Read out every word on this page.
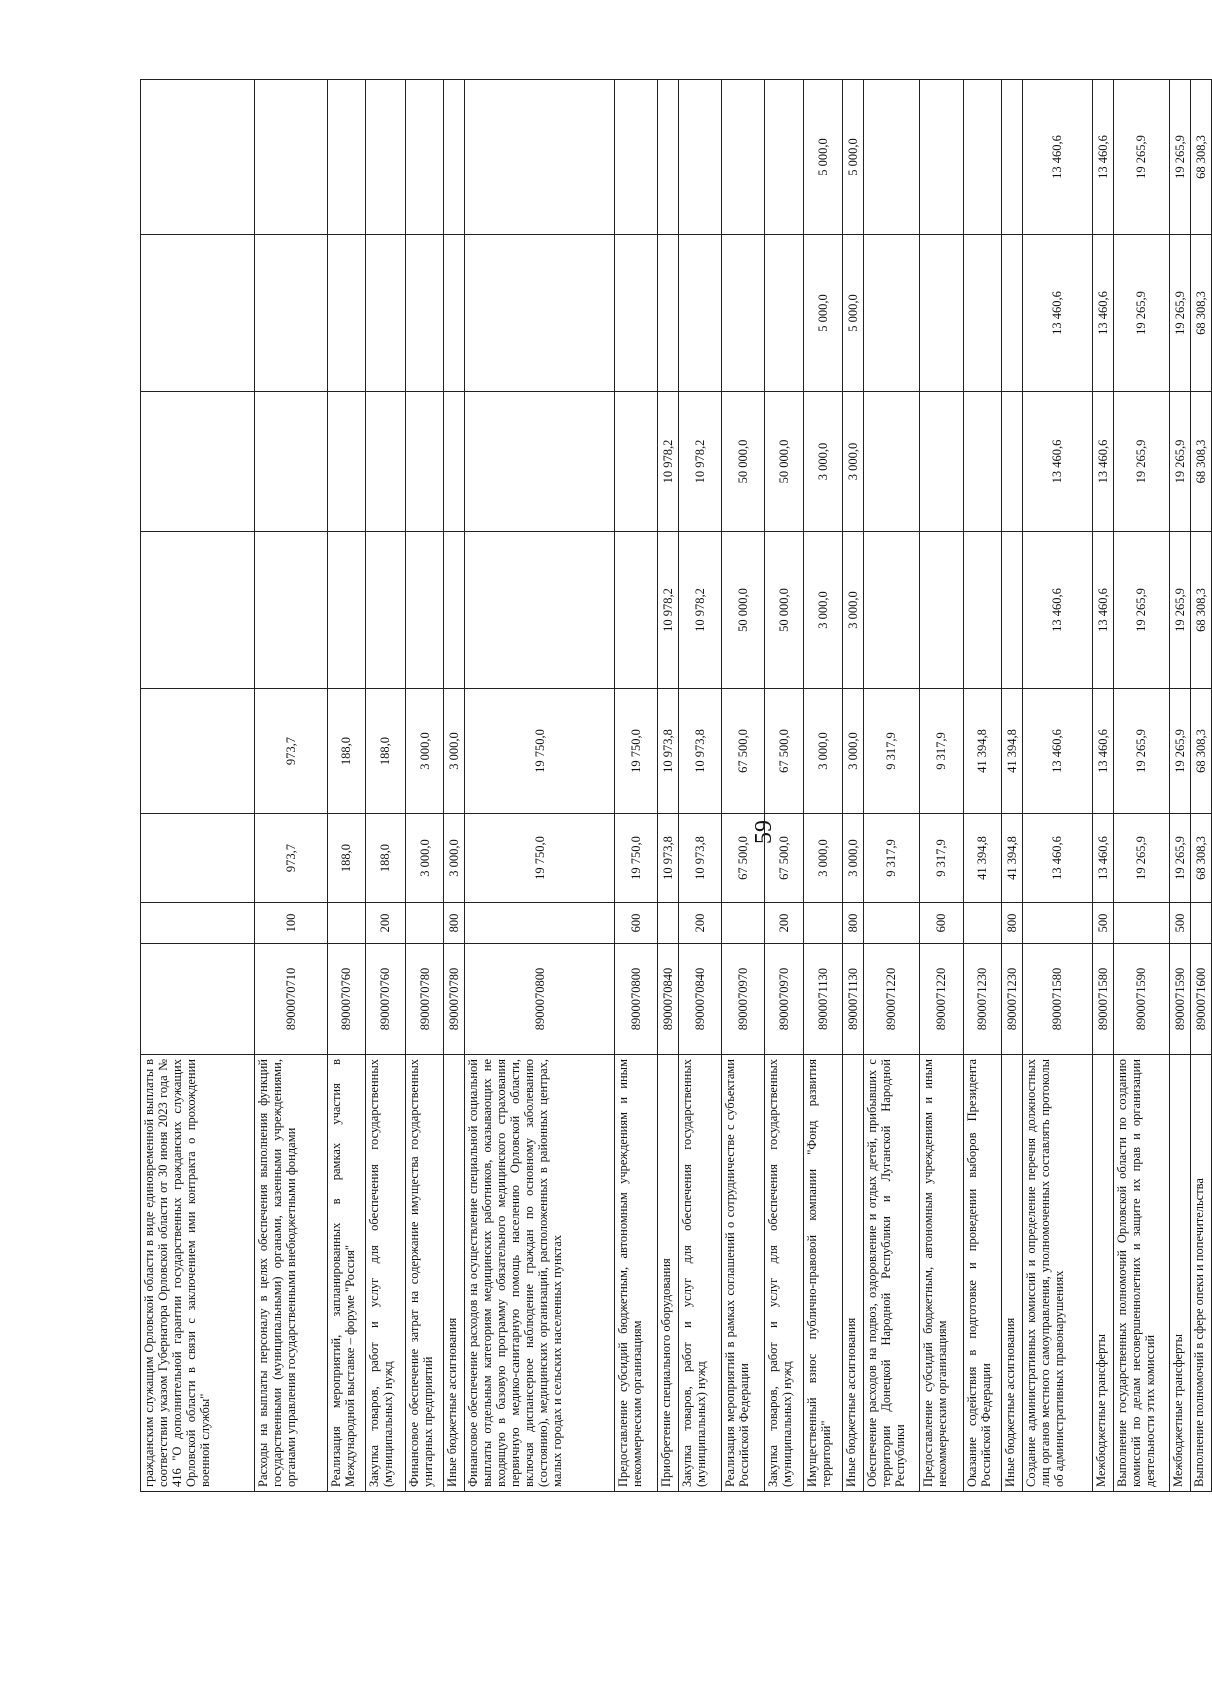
59
гражданским служащим Орловской области в виде единовременной выплаты в соответствии указом Губернатора Орловской области от 30 июня 2023 года № 416 "О дополнительной гарантии государственных гражданских служащих Орловской области в связи с заключением ими контракта о прохождении военной службы"								
Расходы на выплаты персоналу в целях обеспечения выполнения функций государственными (муниципальными) органами, казенными учреждениями, органами управления государственными внебюджетными фондами	8900070710	100	973,7	973,7				
Реализация мероприятий, запланированных в рамках участия в Международной выставке – форуме "Россия"	8900070760		188,0	188,0				
Закупка товаров, работ и услуг для обеспечения государственных (муниципальных) нужд	8900070760	200	188,0	188,0				
Финансовое обеспечение затрат на содержание имущества государственных унитарных предприятий	8900070780		3 000,0	3 000,0				
Иные бюджетные ассигнования	8900070780	800	3 000,0	3 000,0				
Финансовое обеспечение расходов на осуществление специальной социальной выплаты отдельным категориям медицинских работников, оказывающих не входящую в базовую программу обязательного медицинского страхования первичную медико-санитарную помощь населению Орловской области, включая диспансерное наблюдение граждан по основному заболеванию (состоянию), медицинских организаций, расположенных в районных центрах, малых городах и сельских населенных пунктах	8900070800		19 750,0	19 750,0				
Предоставление субсидий бюджетным, автономным учреждениям и иным некоммерческим организациям	8900070800	600	19 750,0	19 750,0				
Приобретение специального оборудования	8900070840		10 973,8	10 973,8	10 978,2	10 978,2		
Закупка товаров, работ и услуг для обеспечения государственных (муниципальных) нужд	8900070840	200	10 973,8	10 973,8	10 978,2	10 978,2		
Реализация мероприятий в рамках соглашений о сотрудничестве с субъектами Российской Федерации	8900070970		67 500,0	67 500,0	50 000,0	50 000,0		
Закупка товаров, работ и услуг для обеспечения государственных (муниципальных) нужд	8900070970	200	67 500,0	67 500,0	50 000,0	50 000,0		
Имущественный взнос публично-правовой компании "Фонд развития территорий"	8900071130		3 000,0	3 000,0	3 000,0	3 000,0	5 000,0	5 000,0
Иные бюджетные ассигнования	8900071130	800	3 000,0	3 000,0	3 000,0	3 000,0	5 000,0	5 000,0
Обеспечение расходов на подвоз, оздоровление и отдых детей, прибывших с территории Донецкой Народной Республики и Луганской Народной Республики	8900071220		9 317,9	9 317,9				
Предоставление субсидий бюджетным, автономным учреждениям и иным некоммерческим организациям	8900071220	600	9 317,9	9 317,9				
Оказание содействия в подготовке и проведении выборов Президента Российской Федерации	8900071230		41 394,8	41 394,8				
Иные бюджетные ассигнования	8900071230	800	41 394,8	41 394,8				
Создание административных комиссий и определение перечня должностных лиц органов местного самоуправления, уполномоченных составлять протоколы об административных правонарушениях	8900071580		13 460,6	13 460,6	13 460,6	13 460,6	13 460,6	13 460,6
Межбюджетные трансферты	8900071580	500	13 460,6	13 460,6	13 460,6	13 460,6	13 460,6	13 460,6
Выполнение государственных полномочий Орловской области по созданию комиссий по делам несовершеннолетних и защите их прав и организации деятельности этих комиссий	8900071590		19 265,9	19 265,9	19 265,9	19 265,9	19 265,9	19 265,9
Межбюджетные трансферты	8900071590	500	19 265,9	19 265,9	19 265,9	19 265,9	19 265,9	19 265,9
Выполнение полномочий в сфере опеки и попечительства	8900071600		68 308,3	68 308,3	68 308,3	68 308,3	68 308,3	68 308,3
